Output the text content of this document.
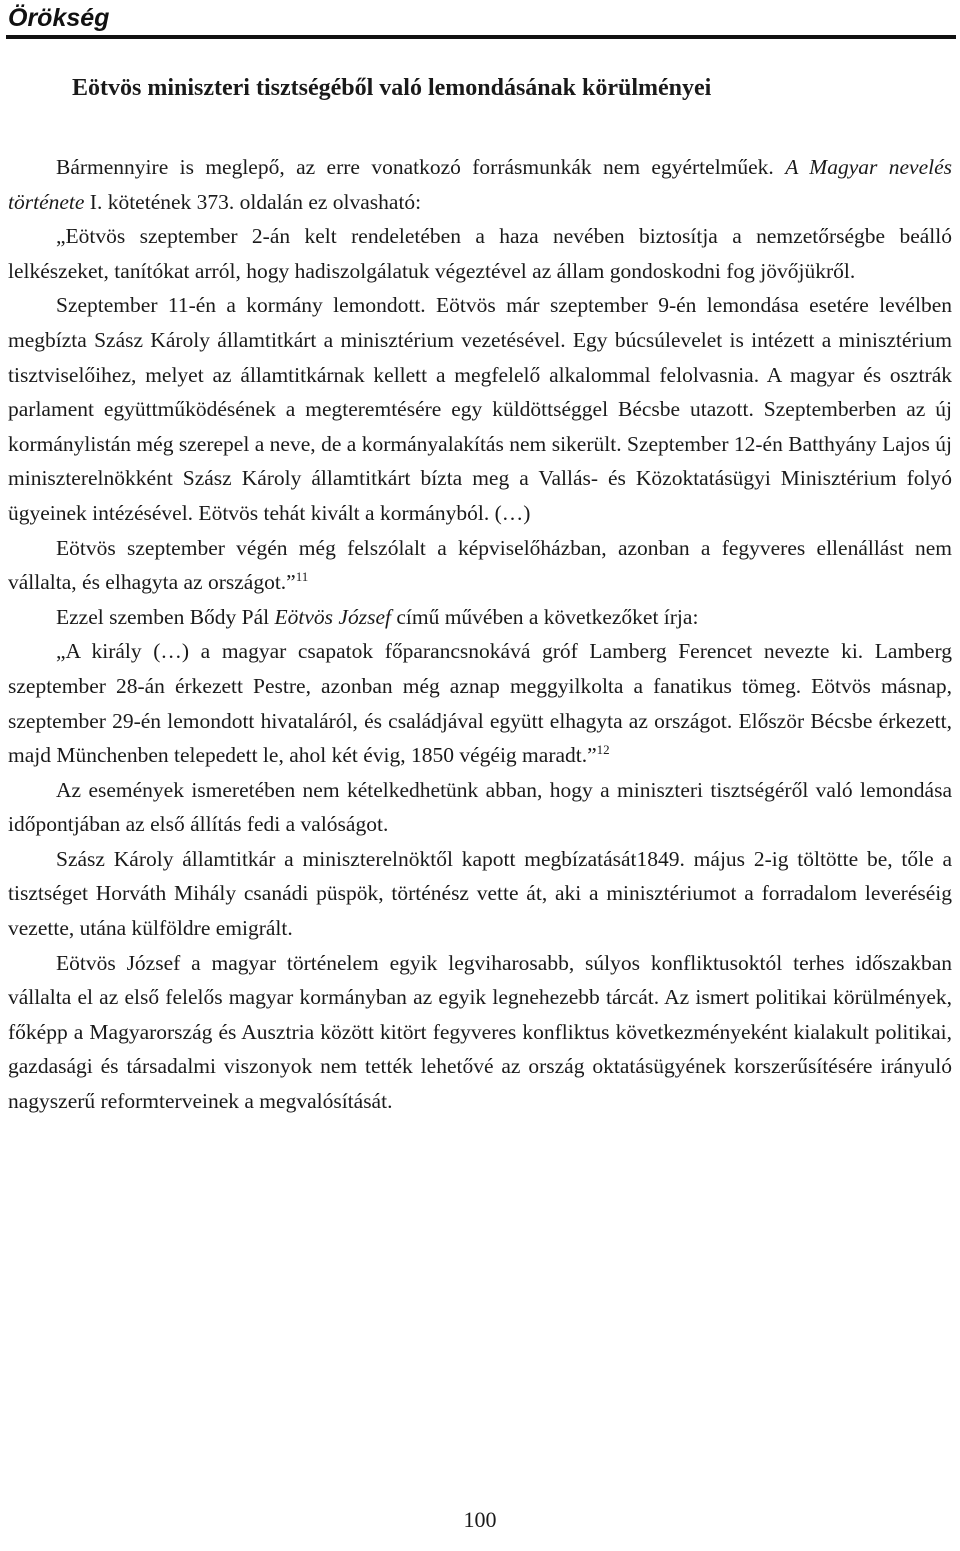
Örökség
Eötvös miniszteri tisztségéből való lemondásának körülményei

Bármennyire is meglepő, az erre vonatkozó forrásmunkák nem egyértelműek. A Magyar nevelés története I. kötetének 373. oldalán ez olvasható:

„Eötvös szeptember 2-án kelt rendeletében a haza nevében biztosítja a nemzetőrségbe beálló lelkészeket, tanítókat arról, hogy hadiszolgálatuk végeztével az állam gondoskodni fog jövőjükről.

Szeptember 11-én a kormány lemondott. Eötvös már szeptember 9-én lemondása esetére levélben megbízta Szász Károly államtitkárt a minisztérium vezetésével. Egy búcsúlevelet is intézett a minisztérium tisztviselőihez, melyet az államtitkárnak kellett a megfelelő alkalommal felolvasnia. A magyar és osztrák parlament együttműködésének a megteremtésére egy küldöttséggel Bécsbe utazott. Szeptemberben az új kormánylistán még szerepel a neve, de a kormányalakítás nem sikerült. Szeptember 12-én Batthyány Lajos új miniszterelnökként Szász Károly államtitkárt bízta meg a Vallás- és Közoktatásügyi Minisztérium folyó ügyeinek intézésével. Eötvös tehát kivált a kormányból. (…)

Eötvös szeptember végén még felszólalt a képviselőházban, azonban a fegyveres ellenállást nem vállalta, és elhagyta az országot.”$^{11}$

Ezzel szemben Bődy Pál Eötvös József című művében a következőket írja:

„A király (…) a magyar csapatok főparancsnokává gróf Lamberg Ferencet nevezte ki. Lamberg szeptember 28-án érkezett Pestre, azonban még aznap meggyilkolta a fanatikus tömeg. Eötvös másnap, szeptember 29-én lemondott hivataláról, és családjával együtt elhagyta az országot. Először Bécsbe érkezett, majd Münchenben telepedett le, ahol két évig, 1850 végéig maradt.”$^{12}$

Az események ismeretében nem kételkedhetünk abban, hogy a miniszteri tisztségéről való lemondása időpontjában az első állítás fedi a valóságot.

Szász Károly államtitkár a miniszterelnöktől kapott megbízatását1849. május 2-ig töltötte be, tőle a tisztséget Horváth Mihály csanádi püspök, történész vette át, aki a minisztériumot a forradalom leveréséig vezette, utána külföldre emigrált.

Eötvös József a magyar történelem egyik legviharosabb, súlyos konfliktusoktól terhes időszakban vállalta el az első felelős magyar kormányban az egyik legnehezebb tárcát. Az ismert politikai körülmények, főképp a Magyarország és Ausztria között kitört fegyveres konfliktus következményeként kialakult politikai, gazdasági és társadalmi viszonyok nem tették lehetővé az ország oktatásügyének korszerűsítésére irányuló nagyszerű reformterveinek a megvalósítását.

100
